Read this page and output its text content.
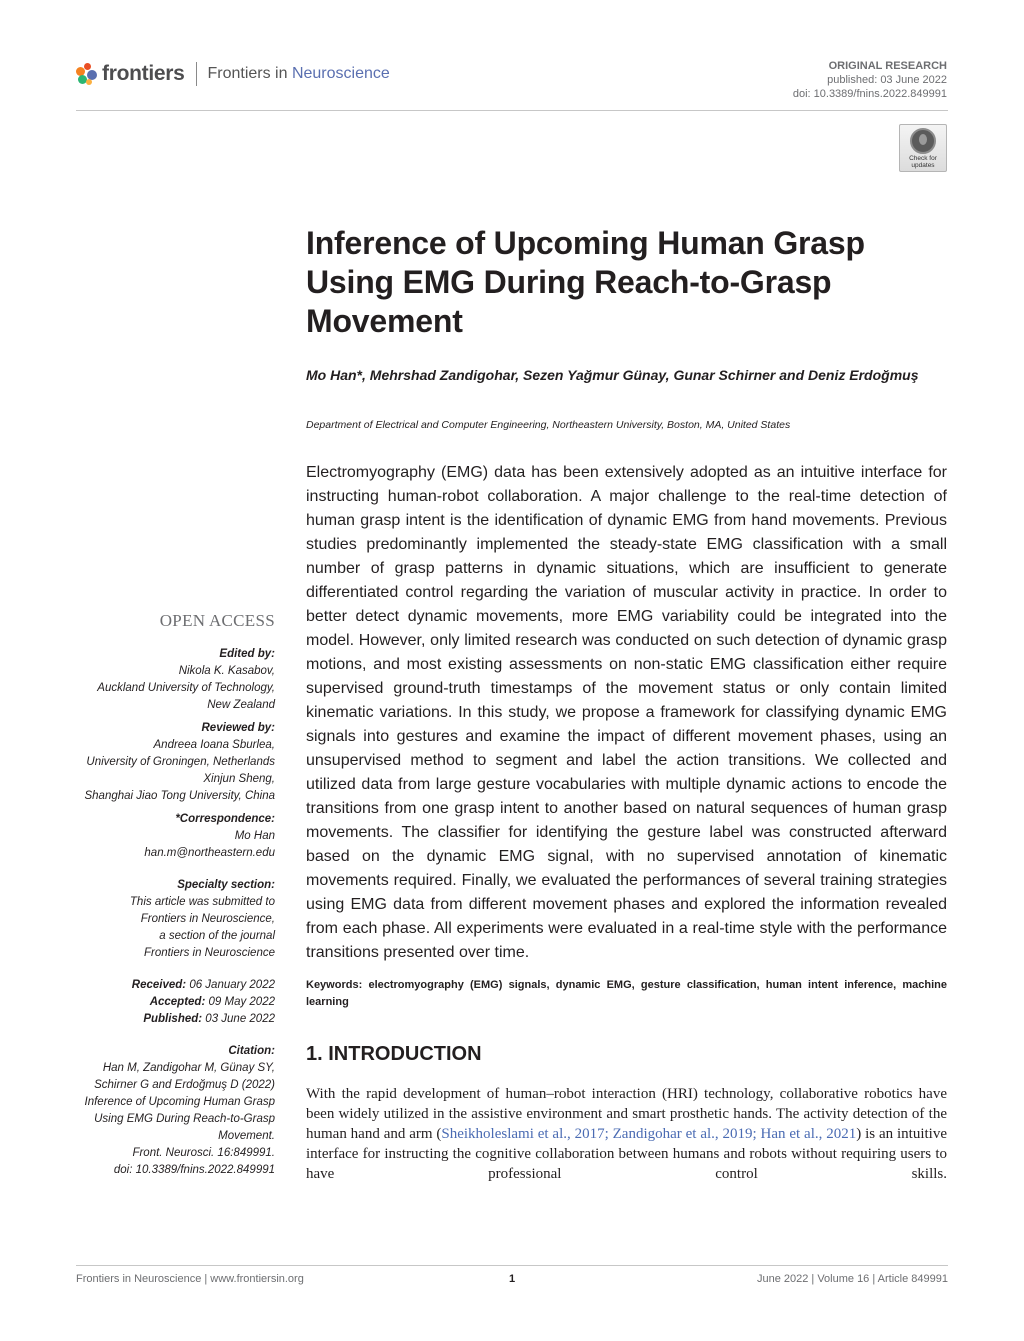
frontiers Frontiers in Neuroscience	ORIGINAL RESEARCH
published: 03 June 2022
doi: 10.3389/fnins.2022.849991
Check for updates
Inference of Upcoming Human Grasp Using EMG During Reach-to-Grasp Movement
Mo Han*, Mehrshad Zandigohar, Sezen Yağmur Günay, Gunar Schirner and Deniz Erdoğmuş
Department of Electrical and Computer Engineering, Northeastern University, Boston, MA, United States

Electromyography (EMG) data has been extensively adopted as an intuitive interface for instructing human-robot collaboration. A major challenge to the real-time detection of human grasp intent is the identification of dynamic EMG from hand movements. Previous studies predominantly implemented the steady-state EMG classification with a small number of grasp patterns in dynamic situations, which are insufficient to generate differentiated control regarding the variation of muscular activity in practice. In order to better detect dynamic movements, more EMG variability could be integrated into the model. However, only limited research was conducted on such detection of dynamic grasp motions, and most existing assessments on non-static EMG classification either require supervised ground-truth timestamps of the movement status or only contain limited kinematic variations. In this study, we propose a framework for classifying dynamic EMG signals into gestures and examine the impact of different movement phases, using an unsupervised method to segment and label the action transitions. We collected and utilized data from large gesture vocabularies with multiple dynamic actions to encode the transitions from one grasp intent to another based on natural sequences of human grasp movements. The classifier for identifying the gesture label was constructed afterward based on the dynamic EMG signal, with no supervised annotation of kinematic movements required. Finally, we evaluated the performances of several training strategies using EMG data from different movement phases and explored the information revealed from each phase. All experiments were evaluated in a real-time style with the performance transitions presented over time.

Keywords: electromyography (EMG) signals, dynamic EMG, gesture classification, human intent inference, machine learning
1. INTRODUCTION

With the rapid development of human–robot interaction (HRI) technology, collaborative robotics have been widely utilized in the assistive environment and smart prosthetic hands. The activity detection of the human hand and arm (Sheikholeslami et al., 2017; Zandigohar et al., 2019; Han et al., 2021) is an intuitive interface for instructing the cognitive collaboration between humans and robots without requiring users to have professional control skills.

OPEN ACCESS
Edited by:
Nikola K. Kasabov,
Auckland University of Technology,
New Zealand
Reviewed by:
Andreea Ioana Sburlea,
University of Groningen, Netherlands
Xinjun Sheng,
Shanghai Jiao Tong University, China
*Correspondence:
Mo Han
han.m@northeastern.edu
Specialty section:
This article was submitted to
Frontiers in Neuroscience,
a section of the journal
Frontiers in Neuroscience
Received: 06 January 2022
Accepted: 09 May 2022
Published: 03 June 2022
Citation:
Han M, Zandigohar M, Günay SY,
Schirner G and Erdoğmuş D (2022)
Inference of Upcoming Human Grasp
Using EMG During Reach-to-Grasp
Movement.
Front. Neurosci. 16:849991.
doi: 10.3389/fnins.2022.849991
Frontiers in Neuroscience | www.frontiersin.org	1	June 2022 | Volume 16 | Article 849991
